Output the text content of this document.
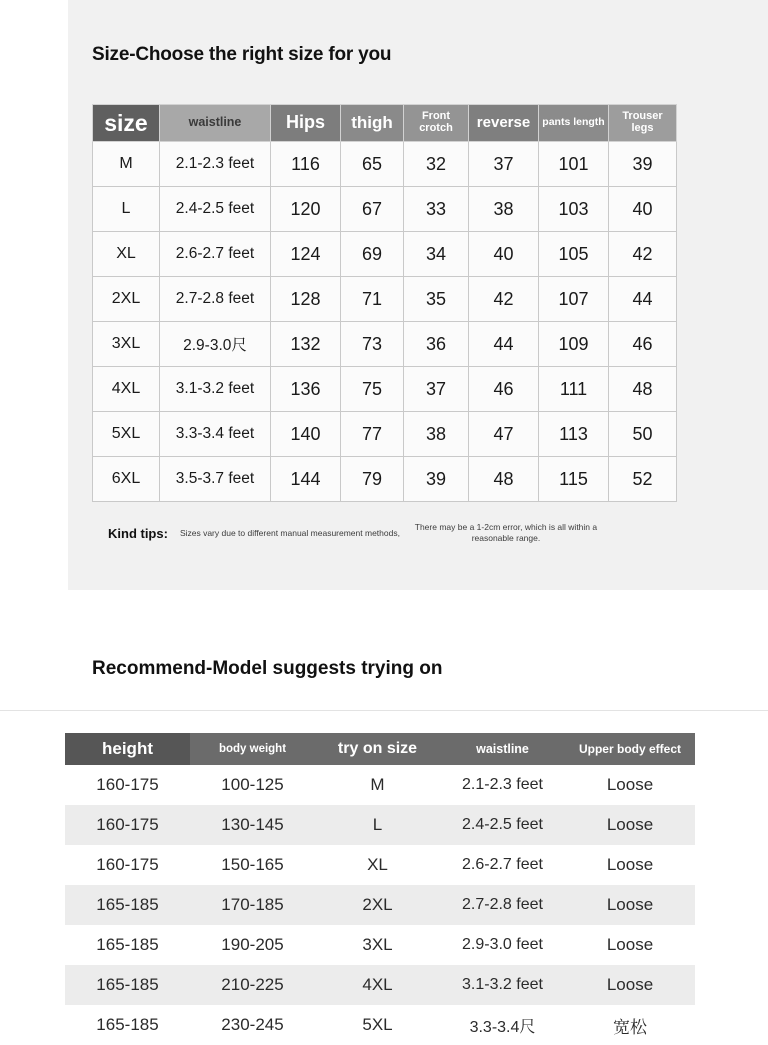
Size-Choose the right size for you
size	waistline	Hips	thigh	Front crotch	reverse	pants length	Trouser legs
M	2.1-2.3 feet	116	65	32	37	101	39
L	2.4-2.5 feet	120	67	33	38	103	40
XL	2.6-2.7 feet	124	69	34	40	105	42
2XL	2.7-2.8 feet	128	71	35	42	107	44
3XL	2.9-3.0尺	132	73	36	44	109	46
4XL	3.1-3.2 feet	136	75	37	46	111	48
5XL	3.3-3.4 feet	140	77	38	47	113	50
6XL	3.5-3.7 feet	144	79	39	48	115	52
Kind tips: Sizes vary due to different manual measurement methods,
There may be a 1-2cm error, which is all within a reasonable range.
Recommend-Model suggests trying on
height	body weight	try on size	waistline	Upper body effect
160-175	100-125	M	2.1-2.3 feet	Loose
160-175	130-145	L	2.4-2.5 feet	Loose
160-175	150-165	XL	2.6-2.7 feet	Loose
165-185	170-185	2XL	2.7-2.8 feet	Loose
165-185	190-205	3XL	2.9-3.0 feet	Loose
165-185	210-225	4XL	3.1-3.2 feet	Loose
165-185	230-245	5XL	3.3-3.4尺	宽松
